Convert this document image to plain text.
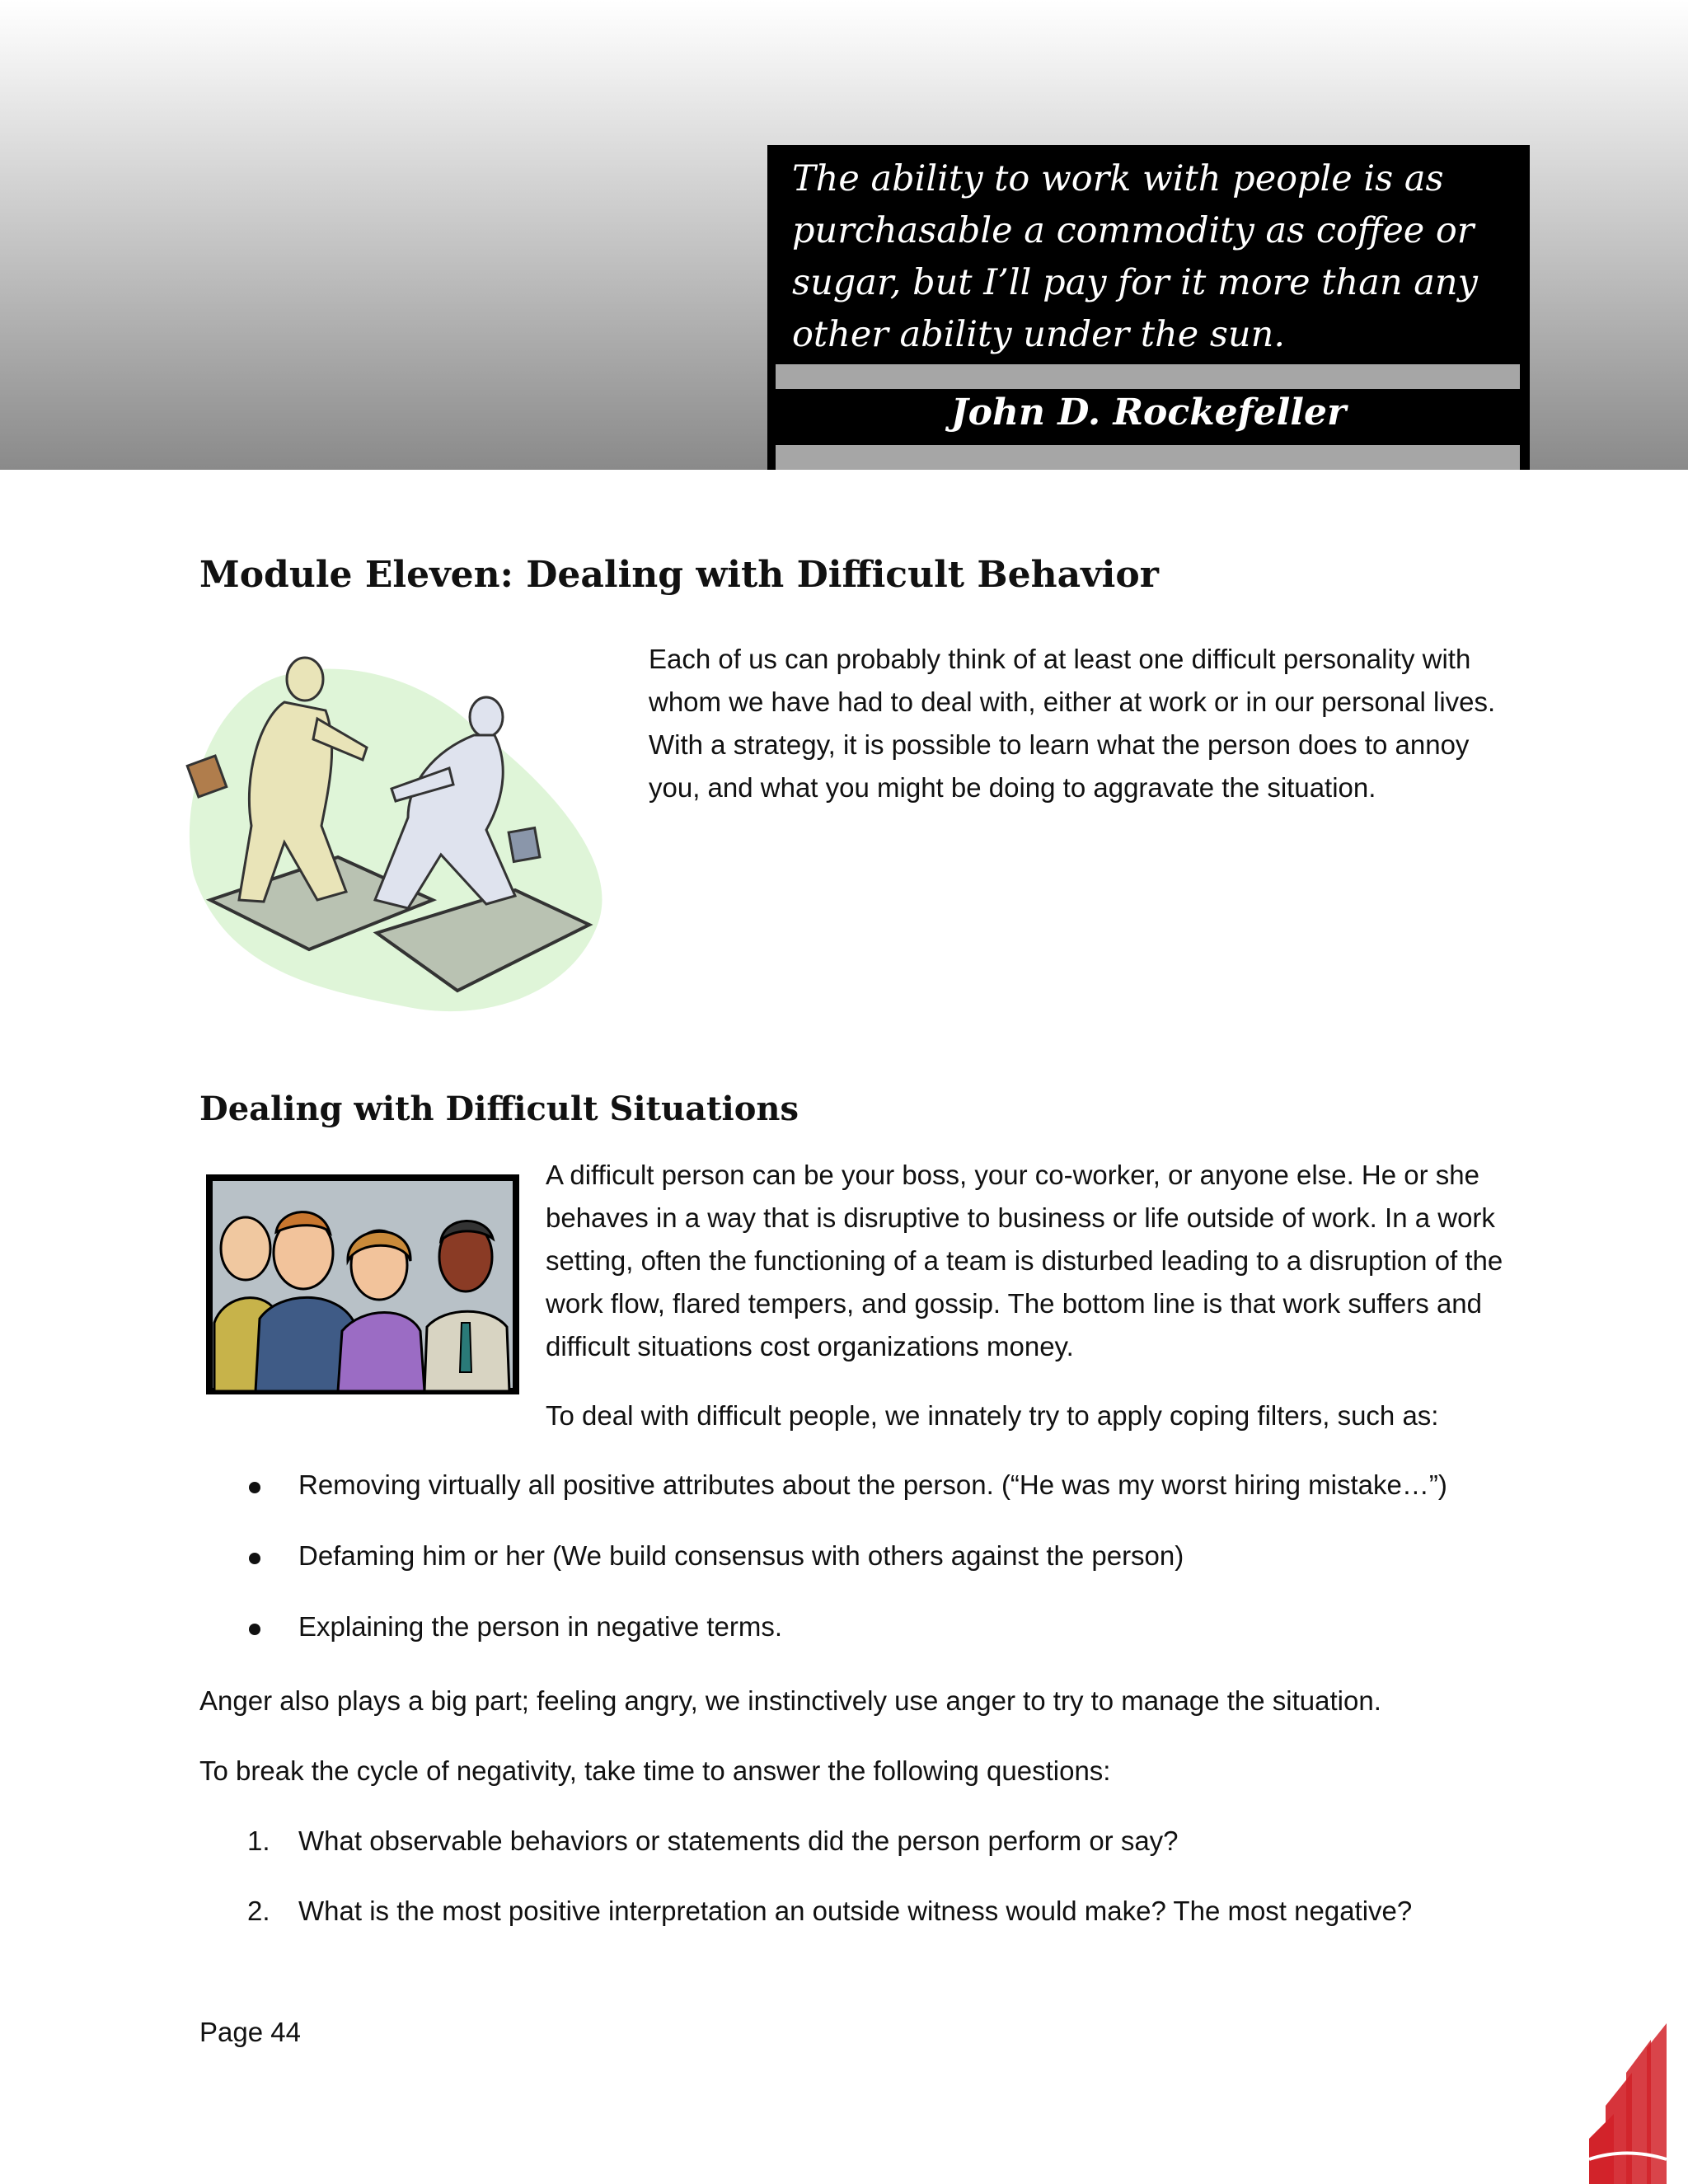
The ability to work with people is as purchasable a commodity as coffee or sugar, but I’ll pay for it more than any other ability under the sun.

John D. Rockefeller
Module Eleven: Dealing with Difficult Behavior

Each of us can probably think of at least one difficult personality with whom we have had to deal with, either at work or in our personal lives. With a strategy, it is possible to learn what the person does to annoy you, and what you might be doing to aggravate the situation.

Dealing with Difficult Situations

A difficult person can be your boss, your co-worker, or anyone else. He or she behaves in a way that is disruptive to business or life outside of work. In a work setting, often the functioning of a team is disturbed leading to a disruption of the work flow, flared tempers, and gossip. The bottom line is that work suffers and difficult situations cost organizations money.

To deal with difficult people, we innately try to apply coping filters, such as:

Removing virtually all positive attributes about the person. (“He was my worst hiring mistake…”)
Defaming him or her (We build consensus with others against the person)
Explaining the person in negative terms.

Anger also plays a big part; feeling angry, we instinctively use anger to try to manage the situation.

To break the cycle of negativity, take time to answer the following questions:

1. What observable behaviors or statements did the person perform or say?
2. What is the most positive interpretation an outside witness would make? The most negative?

Page 44
